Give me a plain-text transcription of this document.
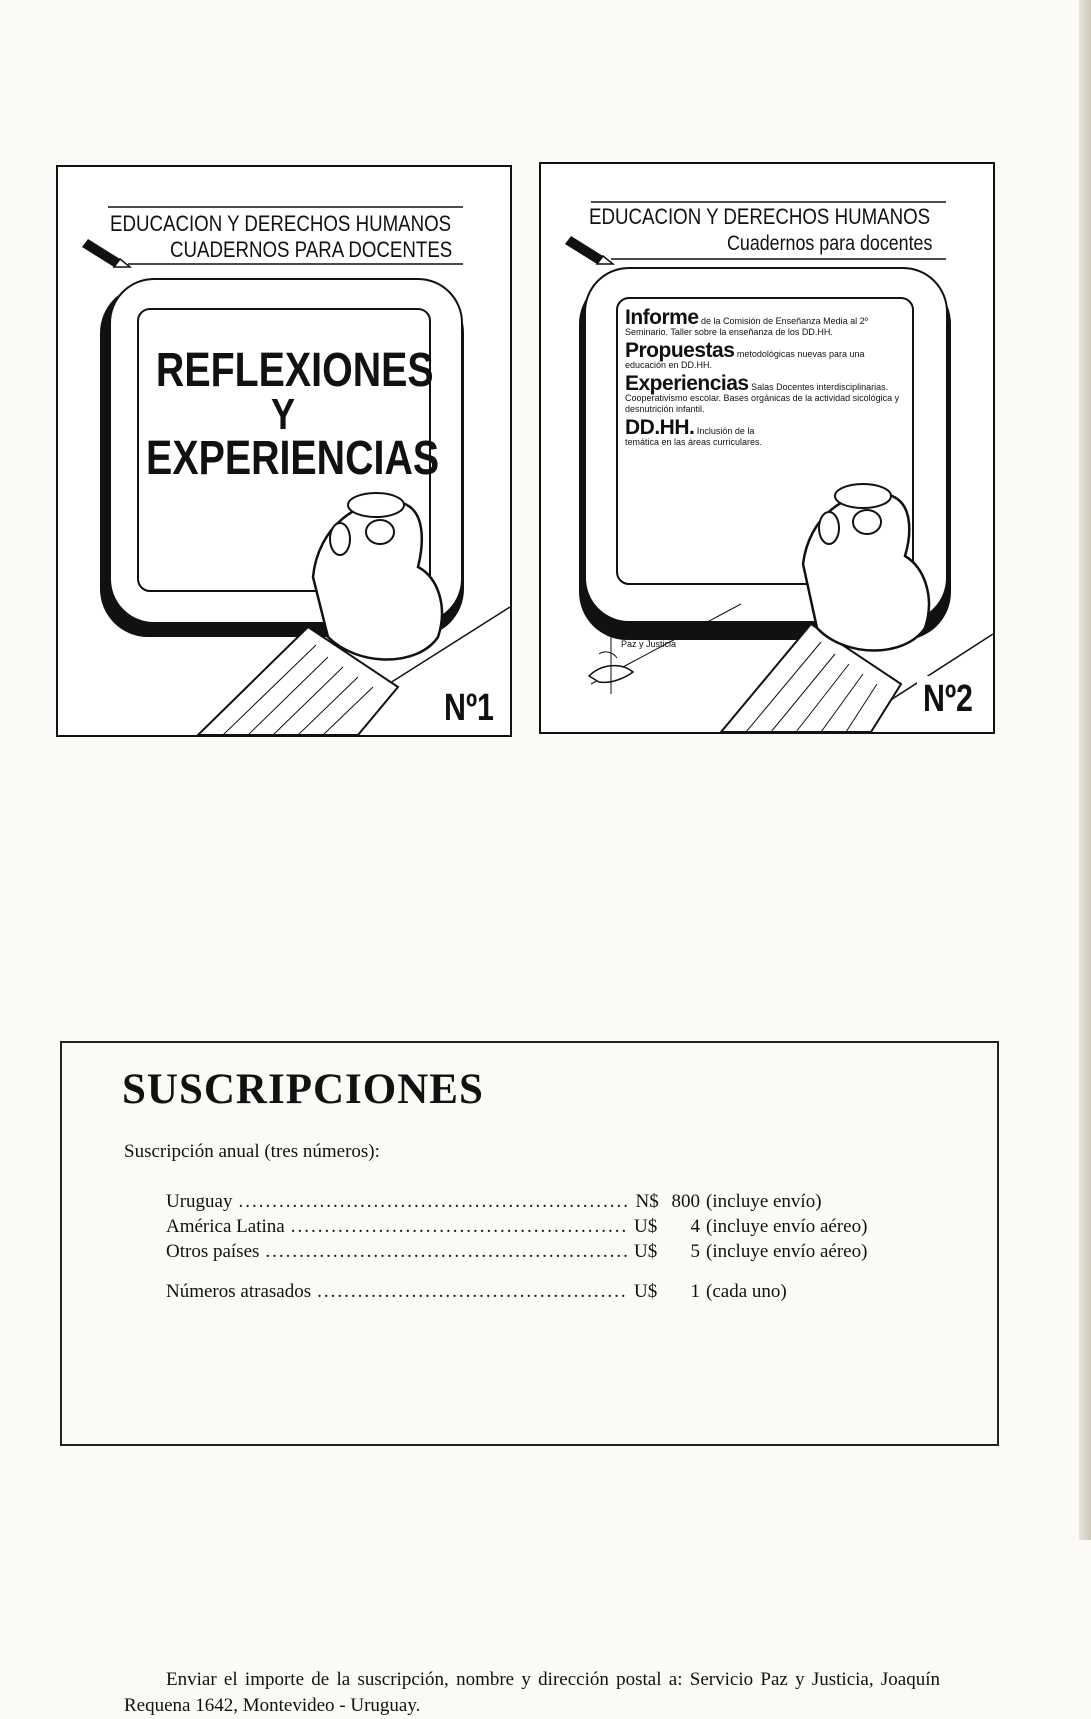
EDUCACION Y DERECHOS HUMANOS
CUADERNOS PARA DOCENTES
REFLEXIONES
Y
EXPERIENCIAS
Nº1
EDUCACION Y DERECHOS HUMANOS
Cuadernos para docentes
Informe de la Comisión de Enseñanza Media al 2º Seminario. Taller sobre la enseñanza de los DD.HH.
Propuestas metodológicas nuevas para una educación en DD.HH.
Experiencias Salas Docentes interdisciplinarias. Cooperativismo escolar. Bases orgánicas de la actividad sicológica y desnutrición infantil.
DD.HH. Inclusión de la temática en las áreas curriculares.
Servicio
Paz y Justicia
Nº2
SUSCRIPCIONES
Suscripción anual (tres números):
Uruguay .....	N$ 800 (incluye envío)
América Latina .....	U$	4 (incluye envío aéreo)
Otros países .....	U$	5 (incluye envío aéreo)
Números atrasados .....	U$	1 (cada uno)
Enviar el importe de la suscripción, nombre y dirección postal a: Servicio Paz y Justicia, Joaquín Requena 1642, Montevideo - Uruguay.
